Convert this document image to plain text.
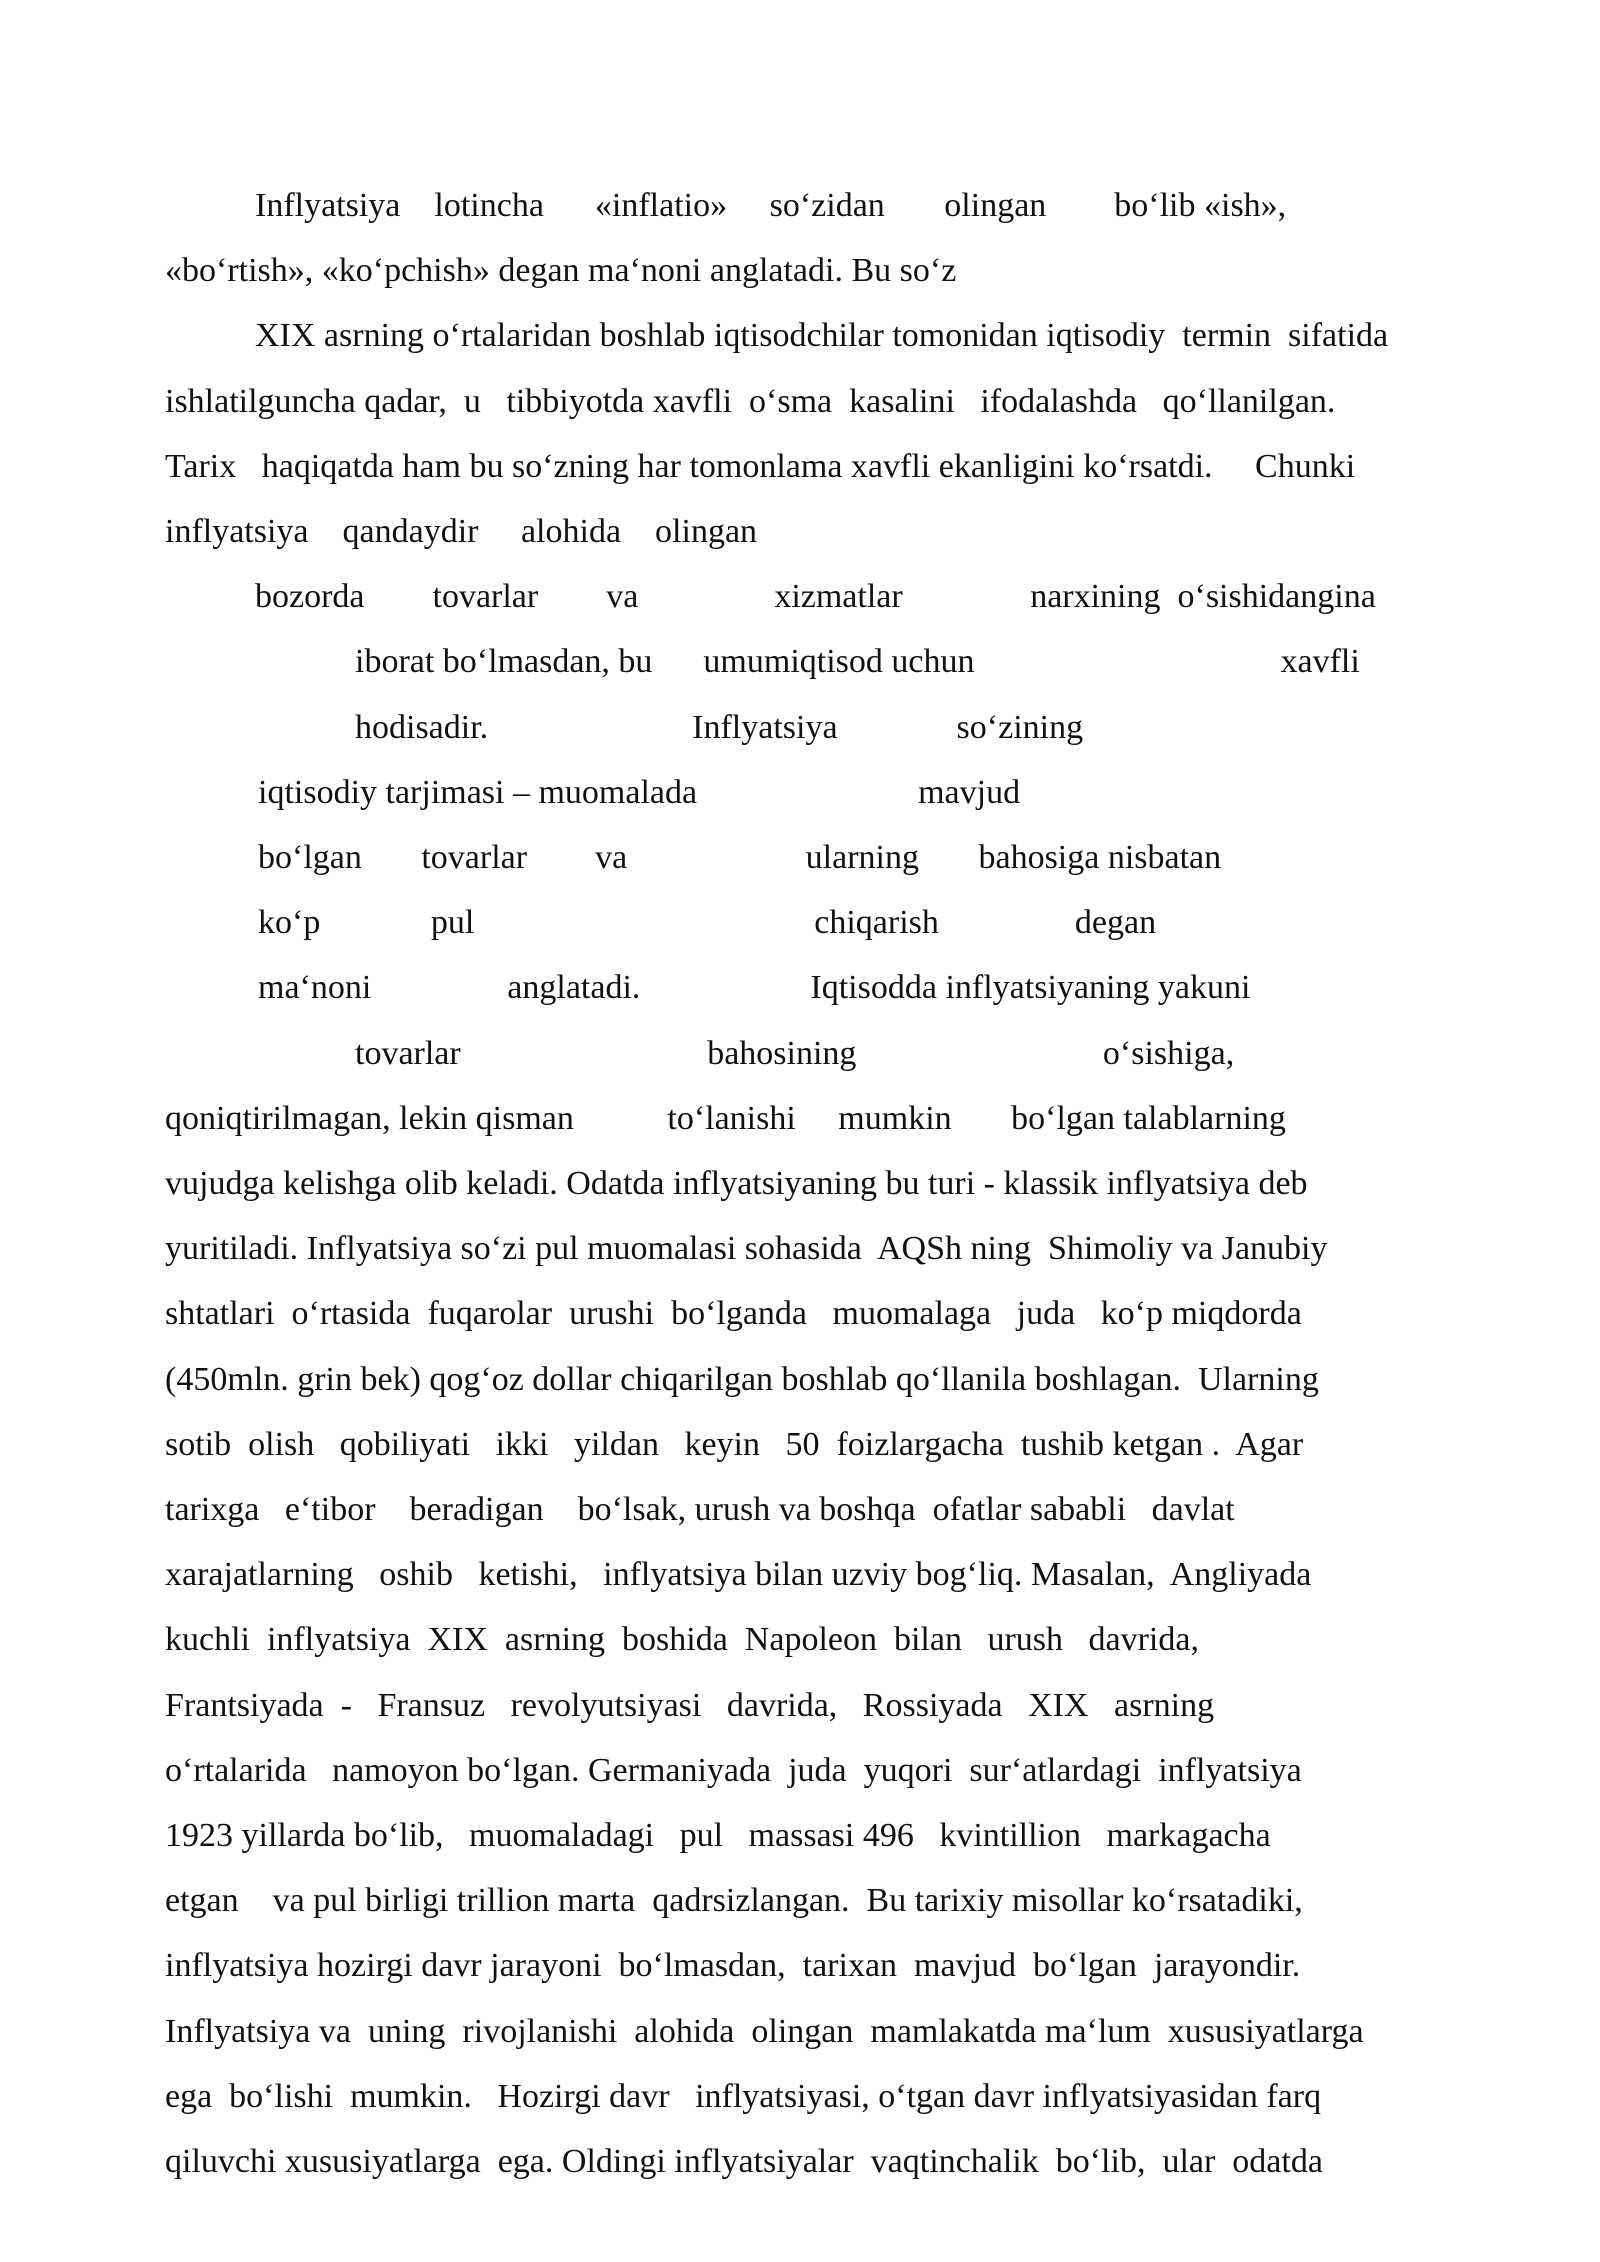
Inflyatsiya    lotincha      «inflatio»     so‘zidan       olingan        bo‘lib «ish»,

«bo‘rtish», «ko‘pchish» degan ma‘noni anglatadi. Bu so‘z

XIX asrning o‘rtalaridan boshlab iqtisodchilar tomonidan iqtisodiy  termin  sifatida

ishlatilguncha qadar,  u   tibbiyotda xavfli  o‘sma  kasalini   ifodalashda   qo‘llanilgan.

Tarix   haqiqatda ham bu so‘zning har tomonlama xavfli ekanligini ko‘rsatdi.     Chunki

inflyatsiya    qandaydir     alohida    olingan

bozorda        tovarlar        va                xizmatlar               narxining  o‘sishidangina

iborat bo‘lmasdan, bu      umumiqtisod uchun                                    xavfli

hodisadir.                        Inflyatsiya              so‘zining

iqtisodiy tarjimasi – muomalada                          mavjud

bo‘lgan       tovarlar        va                     ularning       bahosiga nisbatan

ko‘p             pul                                        chiqarish                degan

ma‘noni                anglatadi.                    Iqtisodda inflyatsiyaning yakuni

tovarlar                             bahosining                             o‘sishiga,

qoniqtirilmagan, lekin qisman           to‘lanishi     mumkin       bo‘lgan talablarning

vujudga kelishga olib keladi. Odatda inflyatsiyaning bu turi - klassik inflyatsiya deb

yuritiladi. Inflyatsiya so‘zi pul muomalasi sohasida  AQSh ning  Shimoliy va Janubiy

shtatlari  o‘rtasida  fuqarolar  urushi  bo‘lganda   muomalaga   juda   ko‘p miqdorda

(450mln. grin bek) qog‘oz dollar chiqarilgan boshlab qo‘llanila boshlagan.  Ularning

sotib  olish   qobiliyati   ikki   yildan   keyin   50  foizlargacha  tushib ketgan .  Agar

tarixga   e‘tibor    beradigan    bo‘lsak, urush va boshqa  ofatlar sababli   davlat

xarajatlarning   oshib   ketishi,   inflyatsiya bilan uzviy bog‘liq. Masalan,  Angliyada

kuchli  inflyatsiya  XIX  asrning  boshida  Napoleon  bilan   urush   davrida,

Frantsiyada  -   Fransuz   revolyutsiyasi   davrida,   Rossiyada   XIX   asrning

o‘rtalarida   namoyon bo‘lgan. Germaniyada  juda  yuqori  sur‘atlardagi  inflyatsiya

1923 yillarda bo‘lib,   muomaladagi   pul   massasi 496   kvintillion   markagacha

etgan    va pul birligi trillion marta  qadrsizlangan.  Bu tarixiy misollar ko‘rsatadiki,

inflyatsiya hozirgi davr jarayoni  bo‘lmasdan,  tarixan  mavjud  bo‘lgan  jarayondir.

Inflyatsiya va  uning  rivojlanishi  alohida  olingan  mamlakatda ma‘lum  xususiyatlarga

ega  bo‘lishi  mumkin.   Hozirgi davr   inflyatsiyasi, o‘tgan davr inflyatsiyasidan farq

qiluvchi xususiyatlarga  ega. Oldingi inflyatsiyalar  vaqtinchalik  bo‘lib,  ular  odatda
